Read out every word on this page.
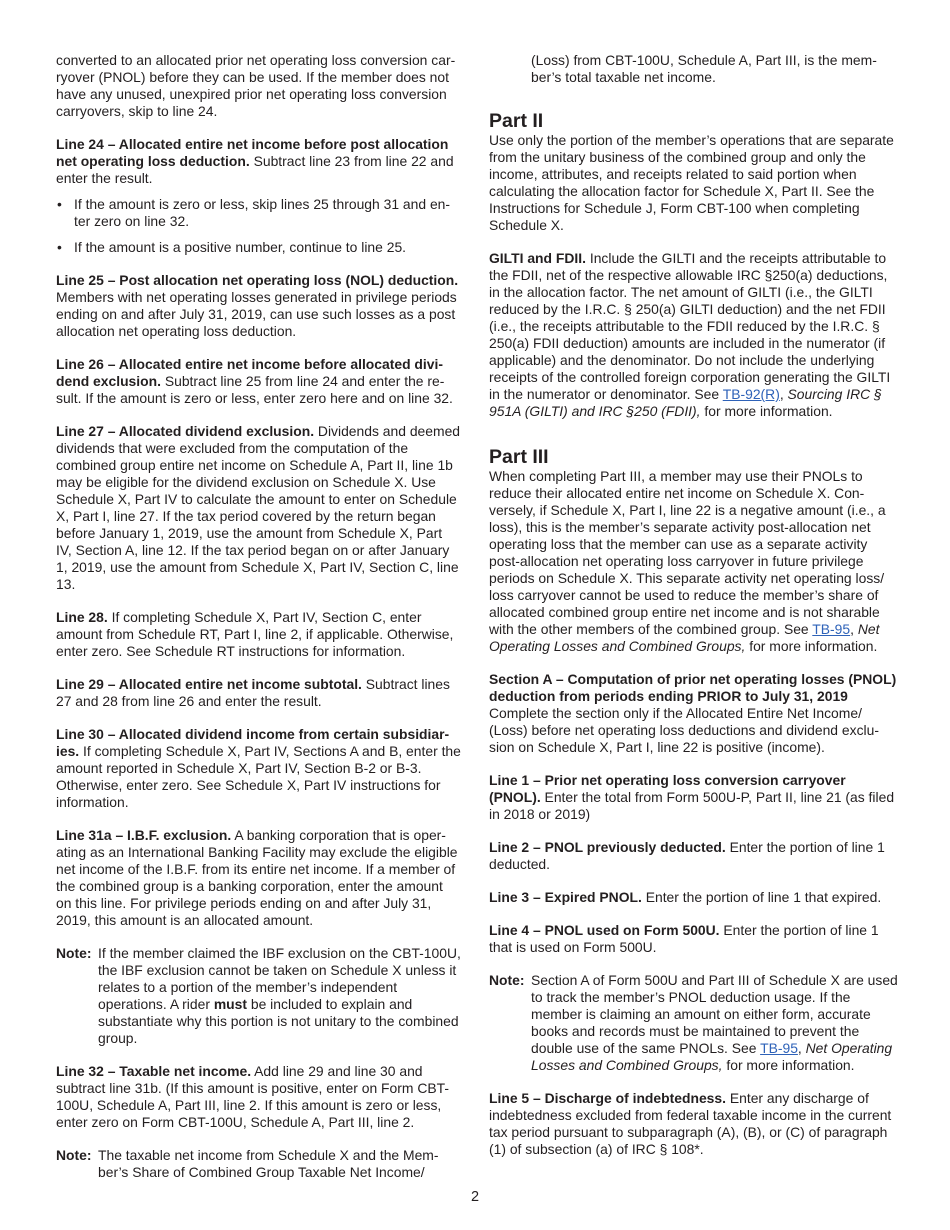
converted to an allocated prior net operating loss conversion carryover (PNOL) before they can be used. If the member does not have any unused, unexpired prior net operating loss conversion carryovers, skip to line 24.

Line 24 – Allocated entire net income before post allocation net operating loss deduction. Subtract line 23 from line 22 and enter the result.

• If the amount is zero or less, skip lines 25 through 31 and enter zero on line 32.
• If the amount is a positive number, continue to line 25.

Line 25 – Post allocation net operating loss (NOL) deduction. Members with net operating losses generated in privilege periods ending on and after July 31, 2019, can use such losses as a post allocation net operating loss deduction.

Line 26 – Allocated entire net income before allocated dividend exclusion. Subtract line 25 from line 24 and enter the result. If the amount is zero or less, enter zero here and on line 32.

Line 27 – Allocated dividend exclusion. Dividends and deemed dividends that were excluded from the computation of the combined group entire net income on Schedule A, Part II, line 1b may be eligible for the dividend exclusion on Schedule X. Use Schedule X, Part IV to calculate the amount to enter on Schedule X, Part I, line 27. If the tax period covered by the return began before January 1, 2019, use the amount from Schedule X, Part IV, Section A, line 12. If the tax period began on or after January 1, 2019, use the amount from Schedule X, Part IV, Section C, line 13.

Line 28. If completing Schedule X, Part IV, Section C, enter amount from Schedule RT, Part I, line 2, if applicable. Otherwise, enter zero. See Schedule RT instructions for information.

Line 29 – Allocated entire net income subtotal. Subtract lines 27 and 28 from line 26 and enter the result.

Line 30 – Allocated dividend income from certain subsidiaries. If completing Schedule X, Part IV, Sections A and B, enter the amount reported in Schedule X, Part IV, Section B-2 or B-3. Otherwise, enter zero. See Schedule X, Part IV instructions for information.

Line 31a – I.B.F. exclusion. A banking corporation that is operating as an International Banking Facility may exclude the eligible net income of the I.B.F. from its entire net income. If a member of the combined group is a banking corporation, enter the amount on this line. For privilege periods ending on and after July 31, 2019, this amount is an allocated amount.

Note: If the member claimed the IBF exclusion on the CBT-100U, the IBF exclusion cannot be taken on Schedule X unless it relates to a portion of the member’s independent operations. A rider must be included to explain and substantiate why this portion is not unitary to the combined group.

Line 32 – Taxable net income. Add line 29 and line 30 and subtract line 31b. (If this amount is positive, enter on Form CBT-100U, Schedule A, Part III, line 2. If this amount is zero or less, enter zero on Form CBT-100U, Schedule A, Part III, line 2.

Note: The taxable net income from Schedule X and the Member’s Share of Combined Group Taxable Net Income/

(Loss) from CBT-100U, Schedule A, Part III, is the member’s total taxable net income.

Part II

Use only the portion of the member’s operations that are separate from the unitary business of the combined group and only the income, attributes, and receipts related to said portion when calculating the allocation factor for Schedule X, Part II. See the Instructions for Schedule J, Form CBT-100 when completing Schedule X.

GILTI and FDII. Include the GILTI and the receipts attributable to the FDII, net of the respective allowable IRC §250(a) deductions, in the allocation factor. The net amount of GILTI (i.e., the GILTI reduced by the I.R.C. § 250(a) GILTI deduction) and the net FDII (i.e., the receipts attributable to the FDII reduced by the I.R.C. § 250(a) FDII deduction) amounts are included in the numerator (if applicable) and the denominator. Do not include the underlying receipts of the controlled foreign corporation generating the GILTI in the numerator or denominator. See TB-92(R), Sourcing IRC § 951A (GILTI) and IRC §250 (FDII), for more information.

Part III

When completing Part III, a member may use their PNOLs to reduce their allocated entire net income on Schedule X. Conversely, if Schedule X, Part I, line 22 is a negative amount (i.e., a loss), this is the member’s separate activity post-allocation net operating loss that the member can use as a separate activity post-allocation net operating loss carryover in future privilege periods on Schedule X. This separate activity net operating loss/ loss carryover cannot be used to reduce the member’s share of allocated combined group entire net income and is not sharable with the other members of the combined group. See TB-95, Net Operating Losses and Combined Groups, for more information.

Section A – Computation of prior net operating losses (PNOL) deduction from periods ending PRIOR to July 31, 2019

Complete the section only if the Allocated Entire Net Income/ (Loss) before net operating loss deductions and dividend exclusion on Schedule X, Part I, line 22 is positive (income).

Line 1 – Prior net operating loss conversion carryover (PNOL). Enter the total from Form 500U-P, Part II, line 21 (as filed in 2018 or 2019)

Line 2 – PNOL previously deducted. Enter the portion of line 1 deducted.

Line 3 – Expired PNOL. Enter the portion of line 1 that expired.

Line 4 – PNOL used on Form 500U. Enter the portion of line 1 that is used on Form 500U.

Note: Section A of Form 500U and Part III of Schedule X are used to track the member’s PNOL deduction usage. If the member is claiming an amount on either form, accurate books and records must be maintained to prevent the double use of the same PNOLs. See TB-95, Net Operating Losses and Combined Groups, for more information.

Line 5 – Discharge of indebtedness. Enter any discharge of indebtedness excluded from federal taxable income in the current tax period pursuant to subparagraph (A), (B), or (C) of paragraph (1) of subsection (a) of IRC § 108*.

2
